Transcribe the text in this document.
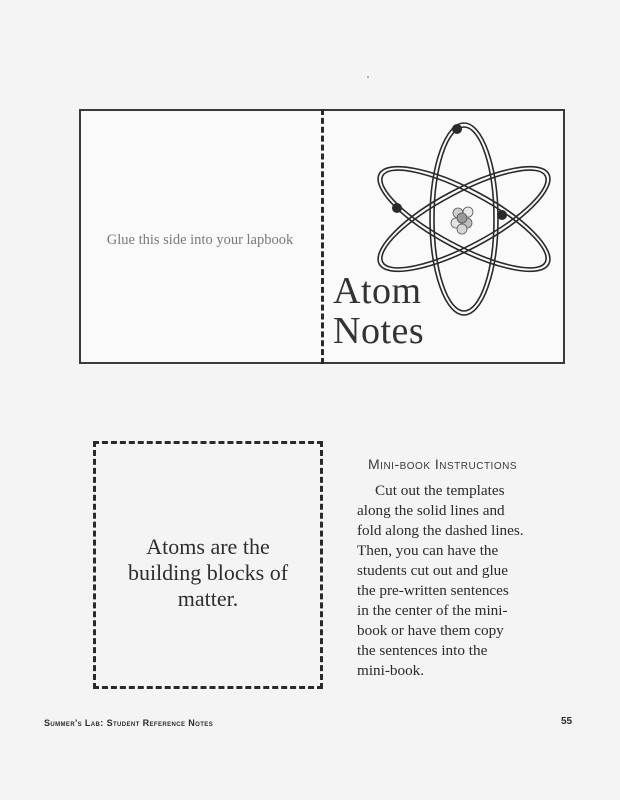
Glue this side into your lapbook
Atom
Notes
Atoms are the
building blocks of
matter.
Mini-book Instructions
Cut out the templates
along the solid lines and
fold along the dashed lines.
Then, you can have the
students cut out and glue
the pre-written sentences
in the center of the mini-
book or have them copy
the sentences into the
mini-book.
Summer's Lab: Student Reference Notes	55
